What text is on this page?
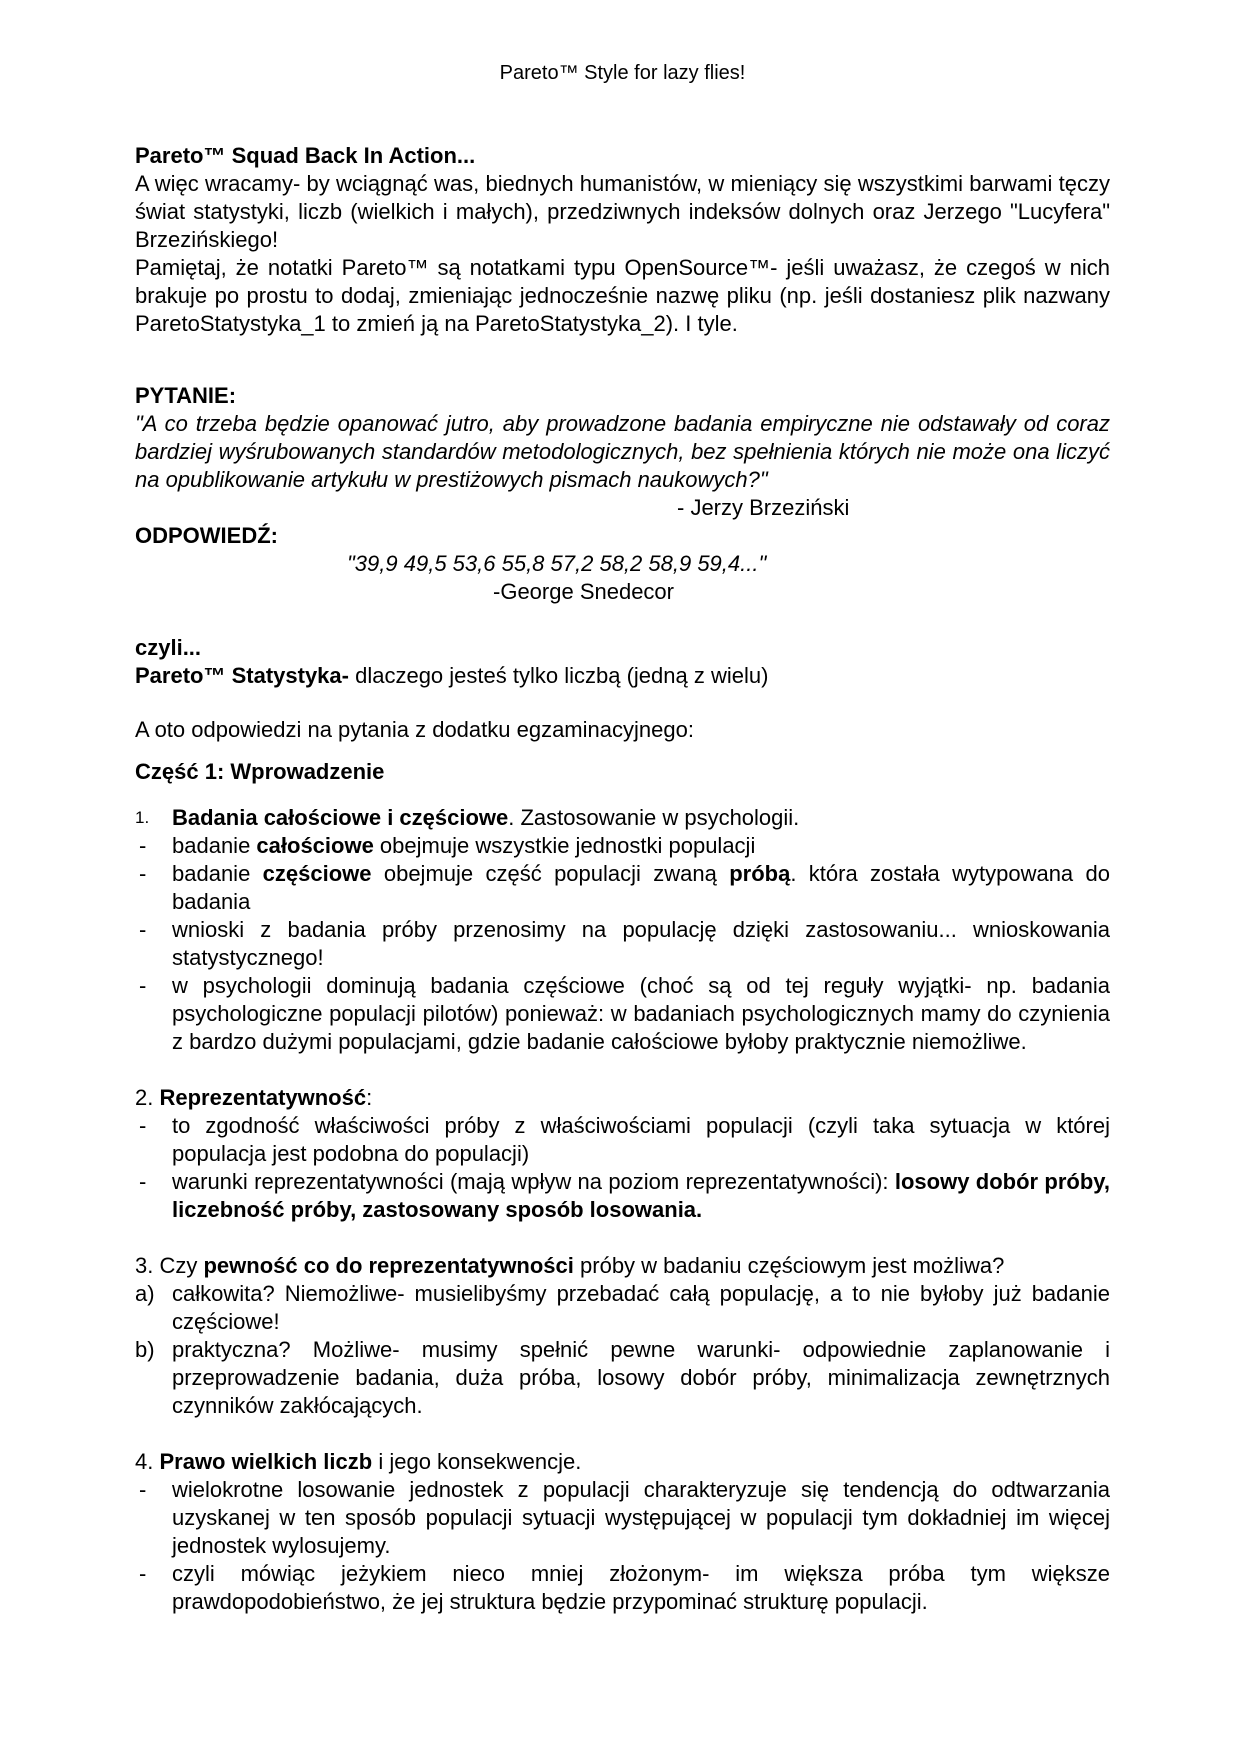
Pareto™ Style for lazy flies!
Pareto™ Squad Back In Action...
A więc wracamy- by wciągnąć was, biednych humanistów, w mieniący się wszystkimi barwami tęczy świat statystyki, liczb (wielkich i małych), przedziwnych indeksów dolnych oraz Jerzego "Lucyfera" Brzezińskiego!
Pamiętaj, że notatki Pareto™ są notatkami typu OpenSource™- jeśli uważasz, że czegoś w nich brakuje po prostu to dodaj, zmieniając jednocześnie nazwę pliku (np. jeśli dostaniesz plik nazwany ParetoStatystyka_1 to zmień ją na ParetoStatystyka_2). I tyle.
PYTANIE:
"A co trzeba będzie opanować jutro, aby prowadzone badania empiryczne nie odstawały od coraz bardziej wyśrubowanych standardów metodologicznych, bez spełnienia których nie może ona liczyć na opublikowanie artykułu w prestiżowych pismach naukowych?"
- Jerzy Brzeziński
ODPOWIEDŹ:
"39,9 49,5 53,6 55,8 57,2 58,2 58,9 59,4..."
-George Snedecor
czyli...
Pareto™ Statystyka- dlaczego jesteś tylko liczbą (jedną z wielu)
A oto odpowiedzi na pytania z dodatku egzaminacyjnego:
Część 1: Wprowadzenie
1. Badania całościowe i częściowe. Zastosowanie w psychologii.
- badanie całościowe obejmuje wszystkie jednostki populacji
- badanie częściowe obejmuje część populacji zwaną próbą. która została wytypowana do badania
- wnioski z badania próby przenosimy na populację dzięki zastosowaniu... wnioskowania statystycznego!
- w psychologii dominują badania częściowe (choć są od tej reguły wyjątki- np. badania psychologiczne populacji pilotów) ponieważ: w badaniach psychologicznych mamy do czynienia z bardzo dużymi populacjami, gdzie badanie całościowe byłoby praktycznie niemożliwe.
2. Reprezentatywność:
- to zgodność właściwości próby z właściwościami populacji (czyli taka sytuacja w której populacja jest podobna do populacji)
- warunki reprezentatywności (mają wpływ na poziom reprezentatywności): losowy dobór próby, liczebność próby, zastosowany sposób losowania.
3. Czy pewność co do reprezentatywności próby w badaniu częściowym jest możliwa?
a) całkowita? Niemożliwe- musielibyśmy przebadać całą populację, a to nie byłoby już badanie częściowe!
b) praktyczna? Możliwe- musimy spełnić pewne warunki- odpowiednie zaplanowanie i przeprowadzenie badania, duża próba, losowy dobór próby, minimalizacja zewnętrznych czynników zakłócających.
4. Prawo wielkich liczb i jego konsekwencje.
- wielokrotne losowanie jednostek z populacji charakteryzuje się tendencją do odtwarzania uzyskanej w ten sposób populacji sytuacji występującej w populacji tym dokładniej im więcej jednostek wylosujemy.
- czyli mówiąc jeżykiem nieco mniej złożonym- im większa próba tym większe prawdopodobieństwo, że jej struktura będzie przypominać strukturę populacji.
